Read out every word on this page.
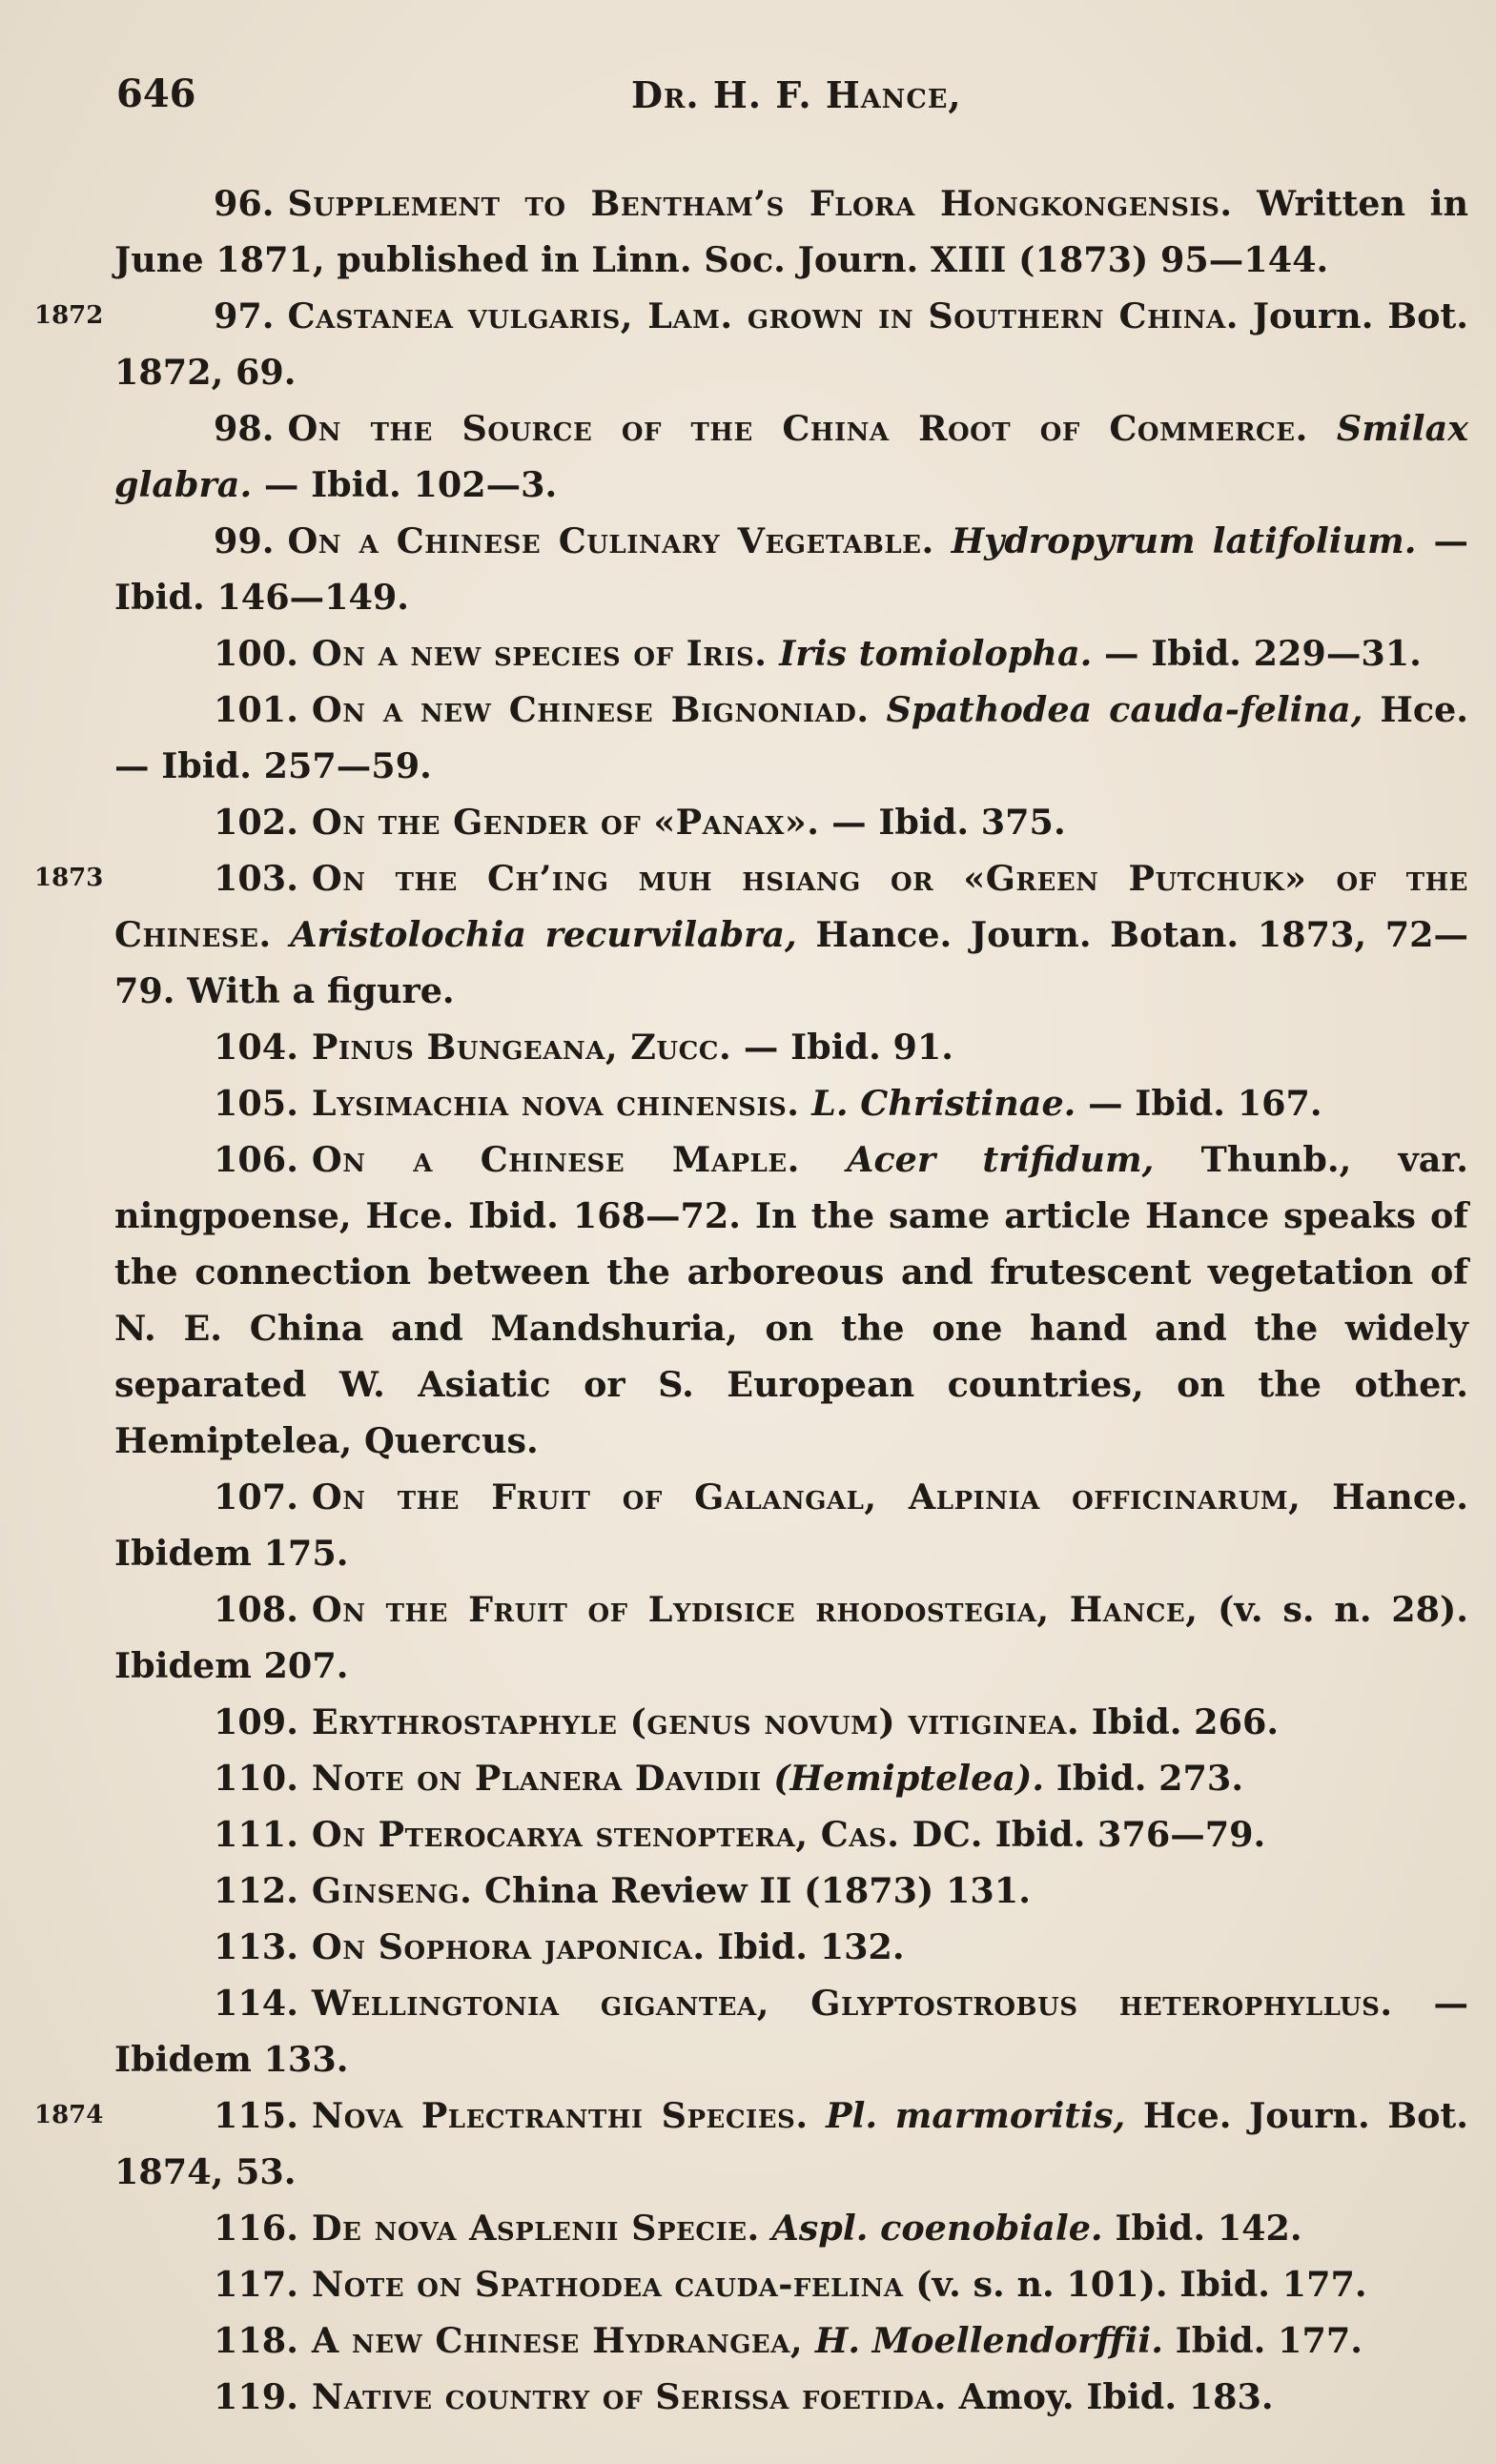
646	Dr. H. F. Hance,
96. Supplement to Bentham’s Flora Hongkongensis. Written in June 1871, published in Linn. Soc. Journ. XIII (1873) 95—144.
1872	97. Castanea vulgaris, Lam. grown in Southern China. Journ. Bot. 1872, 69.
98. On the Source of the China Root of Commerce. Smilax glabra. — Ibid. 102—3.
99. On a Chinese Culinary Vegetable. Hydropyrum latifolium. — Ibid. 146—149.
100. On a new species of Iris. Iris tomiolopha. — Ibid. 229—31.
101. On a new Chinese Bignoniad. Spathodea cauda-felina, Hce. — Ibid. 257—59.
102. On the Gender of «Panax». — Ibid. 375.
1873	103. On the Ch’ing muh hsiang or «Green Putchuk» of the Chinese. Aristolochia recurvilabra, Hance. Journ. Botan. 1873, 72—79. With a figure.
104. Pinus Bungeana, Zucc. — Ibid. 91.
105. Lysimachia nova chinensis. L. Christinae. — Ibid. 167.
106. On a Chinese Maple. Acer trifidum, Thunb., var. ningpoense, Hce. Ibid. 168—72. In the same article Hance speaks of the connection between the arboreous and frutescent vegetation of N. E. China and Mandshuria, on the one hand and the widely separated W. Asiatic or S. European countries, on the other. Hemiptelea, Quercus.
107. On the Fruit of Galangal, Alpinia officinarum, Hance. Ibidem 175.
108. On the Fruit of Lydisice rhodostegia, Hance, (v. s. n. 28). Ibidem 207.
109. Erythrostaphyle (genus novum) vitiginea. Ibid. 266.
110. Note on Planera Davidii (Hemiptelea). Ibid. 273.
111. On Pterocarya stenoptera, Cas. DC. Ibid. 376—79.
112. Ginseng. China Review II (1873) 131.
113. On Sophora japonica. Ibid. 132.
114. Wellingtonia gigantea, Glyptostrobus heterophyllus. — Ibidem 133.
1874	115. Nova Plectranthi Species. Pl. marmoritis, Hce. Journ. Bot. 1874, 53.
116. De nova Asplenii Specie. Aspl. coenobiale. Ibid. 142.
117. Note on Spathodea cauda-felina (v. s. n. 101). Ibid. 177.
118. A new Chinese Hydrangea, H. Moellendorffii. Ibid. 177.
119. Native country of Serissa foetida. Amoy. Ibid. 183.
